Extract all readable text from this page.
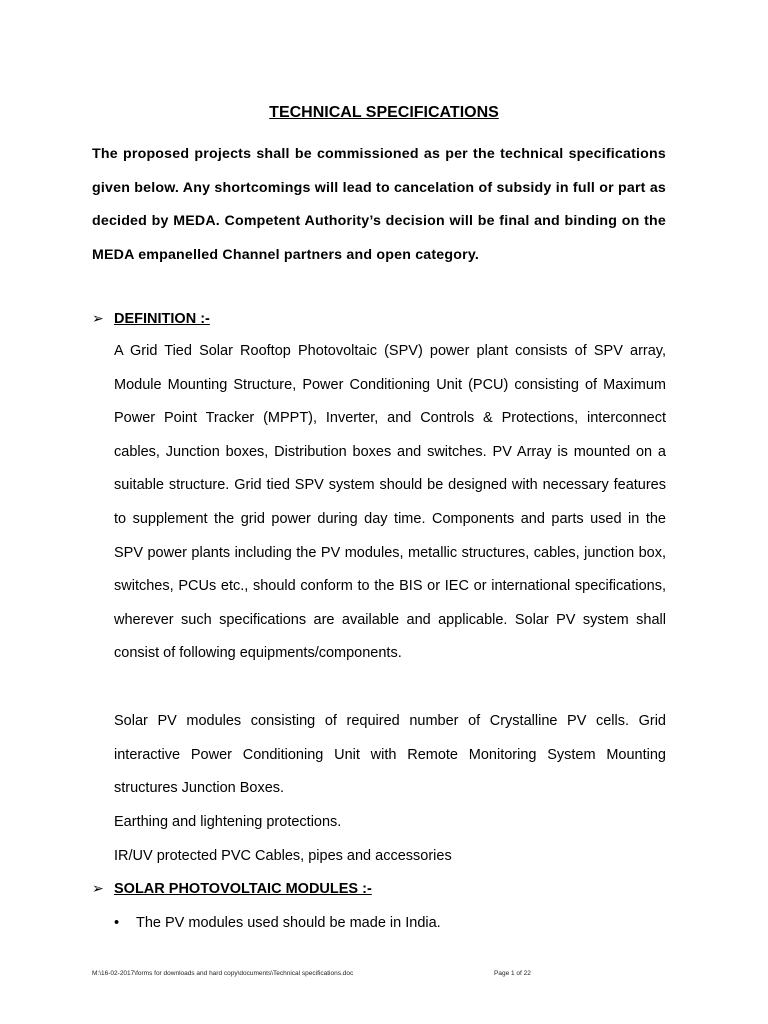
TECHNICAL SPECIFICATIONS
The proposed projects shall be commissioned as per the technical specifications given below. Any shortcomings will lead to cancelation of subsidy in full or part as decided by MEDA. Competent Authority’s decision will be final and binding on the MEDA empanelled Channel partners and open category.
➢ DEFINITION :-
A Grid Tied Solar Rooftop Photovoltaic (SPV) power plant consists of SPV array, Module Mounting Structure, Power Conditioning Unit (PCU) consisting of Maximum Power Point Tracker (MPPT), Inverter, and Controls & Protections, interconnect cables, Junction boxes, Distribution boxes and switches. PV Array is mounted on a suitable structure. Grid tied SPV system should be designed with necessary features to supplement the grid power during day time. Components and parts used in the SPV power plants including the PV modules, metallic structures, cables, junction box, switches, PCUs etc., should conform to the BIS or IEC or international specifications, wherever such specifications are available and applicable. Solar PV system shall consist of following equipments/components.
Solar PV modules consisting of required number of Crystalline PV cells. Grid interactive Power Conditioning Unit with Remote Monitoring System Mounting structures Junction Boxes.
Earthing and lightening protections.
IR/UV protected PVC Cables, pipes and accessories
➢ SOLAR PHOTOVOLTAIC MODULES :-
• The PV modules used should be made in India.
M:\16-02-2017\forms for downloads and hard copy\documents\Technical specifications.doc	Page 1 of 22
